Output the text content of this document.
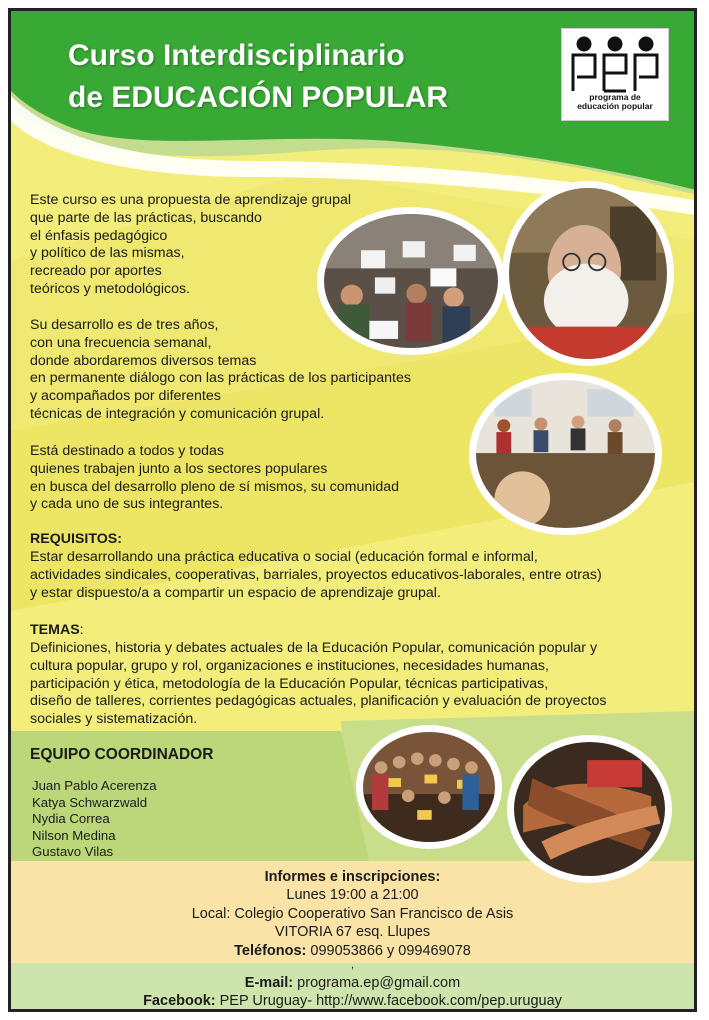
Curso Interdisciplinario
de EDUCACIÓN POPULAR	programa de
educación popular

Este curso es una propuesta de aprendizaje grupal
que parte de las prácticas, buscando
el énfasis pedagógico
y político de las mismas,
recreado por aportes
teóricos y metodológicos.

Su desarrollo es de tres años,
con una frecuencia semanal,
donde abordaremos diversos temas
en permanente diálogo con las prácticas de los participantes
y acompañados por diferentes
técnicas de integración y comunicación grupal.

Está destinado a todos y todas
quienes trabajen junto a los sectores populares
en busca del desarrollo pleno de sí mismos, su comunidad
y cada uno de sus integrantes.

REQUISITOS:

Estar desarrollando una práctica educativa o social (educación formal e informal,
actividades sindicales, cooperativas, barriales, proyectos educativos-laborales, entre otras)
y estar dispuesto/a a compartir un espacio de aprendizaje grupal.

TEMAS:

Definiciones, historia y debates actuales de la Educación Popular, comunicación popular y
cultura popular, grupo y rol, organizaciones e instituciones, necesidades humanas,
participación y ética, metodología de la Educación Popular, técnicas participativas,
diseño de talleres, corrientes pedagógicas actuales, planificación y evaluación de proyectos
sociales y sistematización.

EQUIPO COORDINADOR

Juan Pablo Acerenza
Katya Schwarzwald
Nydia Correa
Nilson Medina
Gustavo Vilas
Informes e inscripciones:
Lunes 19:00 a 21:00
Local: Colegio Cooperativo San Francisco de Asis
VITORIA 67 esq. Llupes
Teléfonos: 099053866 y 099469078
,
E-mail: programa.ep@gmail.com
Facebook: PEP Uruguay- http://www.facebook.com/pep.uruguay
